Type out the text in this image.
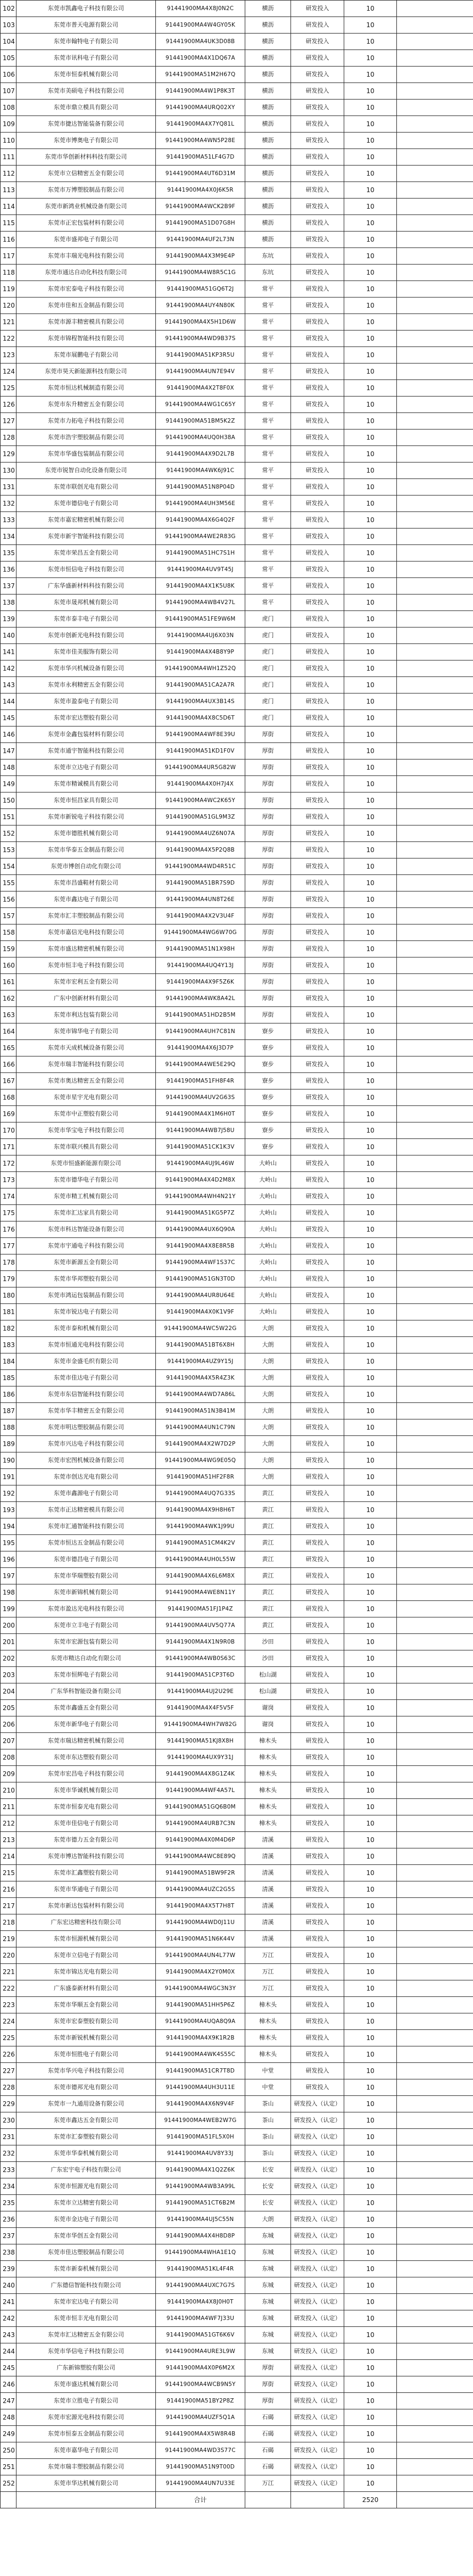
102	东莞市凯鑫电子科技有限公司	91441900MA4X8J0N2C	横沥	研发投入	10	
103	东莞市普天电源有限公司	91441900MA4W4GY05K	横沥	研发投入	10	
104	东莞市翰特电子有限公司	91441900MA4UK3D08B	横沥	研发投入	10	
105	东莞市讯科电子有限公司	91441900MA4X1DQ67A	横沥	研发投入	10	
106	东莞市恒泰机械有限公司	91441900MA51M2H67Q	横沥	研发投入	10	
107	东莞市美硕电子科技有限公司	91441900MA4W1P8K3T	横沥	研发投入	10	
108	东莞市鼎立模具有限公司	91441900MA4URQ02XY	横沥	研发投入	10	
109	东莞市捷达智能装备有限公司	91441900MA4X7YQ81L	横沥	研发投入	10	
110	东莞市博奥电子有限公司	91441900MA4WN5P28E	横沥	研发投入	10	
111	东莞市华创新材料科技有限公司	91441900MA51LF4G7D	横沥	研发投入	10	
112	东莞市立信精密五金有限公司	91441900MA4UT6D31M	横沥	研发投入	10	
113	东莞市万博塑胶制品有限公司	91441900MA4X0J6K5R	横沥	研发投入	10	
114	东莞市新鸿业机械设备有限公司	91441900MA4WCK2B9F	横沥	研发投入	10	
115	东莞市正宏包装材料有限公司	91441900MA51D07G8H	横沥	研发投入	10	
116	东莞市盛邦电子有限公司	91441900MA4UF2L73N	横沥	研发投入	10	
117	东莞市丰瑞光电科技有限公司	91441900MA4X3M9E4P	东坑	研发投入	10	
118	东莞市通达自动化科技有限公司	91441900MA4W8R5C1G	东坑	研发投入	10	
119	东莞市宏泰电子科技有限公司	91441900MA51GQ6T2J	常平	研发投入	10	
120	东莞市佳和五金制品有限公司	91441900MA4UY4N80K	常平	研发投入	10	
121	东莞市源丰精密模具有限公司	91441900MA4X5H1D6W	常平	研发投入	10	
122	东莞市锦程智能科技有限公司	91441900MA4WD9B37S	常平	研发投入	10	
123	东莞市展鹏电子有限公司	91441900MA51KP3R5U	常平	研发投入	10	
124	东莞市昊天新能源科技有限公司	91441900MA4UN7E94V	常平	研发投入	10	
125	东莞市恒达机械制造有限公司	91441900MA4X2T8F0X	常平	研发投入	10	
126	东莞市东升精密五金有限公司	91441900MA4WG1C65Y	常平	研发投入	10	
127	东莞市力拓电子科技有限公司	91441900MA51BM5K2Z	常平	研发投入	10	
128	东莞市浩宇塑胶制品有限公司	91441900MA4UQ0H38A	常平	研发投入	10	
129	东莞市华盛包装制品有限公司	91441900MA4X9D2L7B	常平	研发投入	10	
130	东莞市锐智自动化设备有限公司	91441900MA4WK6J91C	常平	研发投入	10	
131	东莞市联创光电有限公司	91441900MA51N8P04D	常平	研发投入	10	
132	东莞市德信电子有限公司	91441900MA4UH3M56E	常平	研发投入	10	
133	东莞市嘉宏精密机械有限公司	91441900MA4X6G4Q2F	常平	研发投入	10	
134	东莞市新宇智能科技有限公司	91441900MA4WE2R83G	常平	研发投入	10	
135	东莞市荣昌五金有限公司	91441900MA51HC7S1H	常平	研发投入	10	
136	东莞市恒信电子科技有限公司	91441900MA4UV9T45J	常平	研发投入	10	
137	广东华盛新材料科技有限公司	91441900MA4X1K5U8K	常平	研发投入	10	
138	东莞市晟邦机械有限公司	91441900MA4WB4V27L	常平	研发投入	10	
139	东莞市泰丰电子有限公司	91441900MA51FE9W6M	虎门	研发投入	10	
140	东莞市创新光电科技有限公司	91441900MA4UJ6X03N	虎门	研发投入	10	
141	东莞市佳美服饰有限公司	91441900MA4X4B8Y9P	虎门	研发投入	10	
142	东莞市华兴机械设备有限公司	91441900MA4WH1Z52Q	虎门	研发投入	10	
143	东莞市永利精密五金有限公司	91441900MA51CA2A7R	虎门	研发投入	10	
144	东莞市盈泰电子有限公司	91441900MA4UX3B14S	虎门	研发投入	10	
145	东莞市宏达塑胶有限公司	91441900MA4X8C5D6T	虎门	研发投入	10	
146	东莞市金鑫包装材料有限公司	91441900MA4WF8E39U	厚街	研发投入	10	
147	东莞市通宇智能科技有限公司	91441900MA51KD1F0V	厚街	研发投入	10	
148	东莞市立达电子有限公司	91441900MA4UR5G82W	厚街	研发投入	10	
149	东莞市精诚模具有限公司	91441900MA4X0H7J4X	厚街	研发投入	10	
150	东莞市恒昌家具有限公司	91441900MA4WC2K65Y	厚街	研发投入	10	
151	东莞市新锐电子科技有限公司	91441900MA51GL9M3Z	厚街	研发投入	10	
152	东莞市德胜机械有限公司	91441900MA4UZ6N07A	厚街	研发投入	10	
153	东莞市华泰五金制品有限公司	91441900MA4X5P2Q8B	厚街	研发投入	10	
154	东莞市博创自动化有限公司	91441900MA4WD4R51C	厚街	研发投入	10	
155	东莞市昌盛鞋材有限公司	91441900MA51BR7S9D	厚街	研发投入	10	
156	东莞市鑫达电子有限公司	91441900MA4UN8T26E	厚街	研发投入	10	
157	东莞市汇丰塑胶制品有限公司	91441900MA4X2V3U4F	厚街	研发投入	10	
158	东莞市嘉信光电科技有限公司	91441900MA4WG6W70G	厚街	研发投入	10	
159	东莞市盛达精密机械有限公司	91441900MA51N1X98H	厚街	研发投入	10	
160	东莞市恒丰电子科技有限公司	91441900MA4UQ4Y13J	厚街	研发投入	10	
161	东莞市宏利五金有限公司	91441900MA4X9F5Z6K	厚街	研发投入	10	
162	广东中创新材料有限公司	91441900MA4WK8A42L	厚街	研发投入	10	
163	东莞市利达包装有限公司	91441900MA51HD2B5M	厚街	研发投入	10	
164	东莞市锦华电子有限公司	91441900MA4UH7C81N	寮步	研发投入	10	
165	东莞市天成机械设备有限公司	91441900MA4X6J3D7P	寮步	研发投入	10	
166	东莞市瑞丰智能科技有限公司	91441900MA4WE5E29Q	寮步	研发投入	10	
167	东莞市奥达精密五金有限公司	91441900MA51FH8F4R	寮步	研发投入	10	
168	东莞市星宇光电有限公司	91441900MA4UV2G63S	寮步	研发投入	10	
169	东莞市中正塑胶有限公司	91441900MA4X1M6H0T	寮步	研发投入	10	
170	东莞市华宝电子科技有限公司	91441900MA4WB7J58U	寮步	研发投入	10	
171	东莞市联兴模具有限公司	91441900MA51CK1K3V	寮步	研发投入	10	
172	东莞市恒盛新能源有限公司	91441900MA4UJ9L46W	大岭山	研发投入	10	
173	东莞市德华电子有限公司	91441900MA4X4D2M8X	大岭山	研发投入	10	
174	东莞市精工机械有限公司	91441900MA4WH4N21Y	大岭山	研发投入	10	
175	东莞市汇达家具有限公司	91441900MA51KG5P7Z	大岭山	研发投入	10	
176	东莞市科达智能设备有限公司	91441900MA4UX6Q90A	大岭山	研发投入	10	
177	东莞市宇通电子科技有限公司	91441900MA4X8E8R5B	大岭山	研发投入	10	
178	东莞市新源五金有限公司	91441900MA4WF1S37C	大岭山	研发投入	10	
179	东莞市华邦塑胶有限公司	91441900MA51GN3T0D	大岭山	研发投入	10	
180	东莞市鸿运包装制品有限公司	91441900MA4UR8U64E	大岭山	研发投入	10	
181	东莞市锐达电子有限公司	91441900MA4X0K1V9F	大岭山	研发投入	10	
182	东莞市泰和机械有限公司	91441900MA4WC5W22G	大朗	研发投入	10	
183	东莞市恒通光电科技有限公司	91441900MA51BT6X8H	大朗	研发投入	10	
184	东莞市金盛毛织有限公司	91441900MA4UZ9Y15J	大朗	研发投入	10	
185	东莞市佳达电子有限公司	91441900MA4X5R4Z3K	大朗	研发投入	10	
186	东莞市东信智能科技有限公司	91441900MA4WD7A86L	大朗	研发投入	10	
187	东莞市华丰精密五金有限公司	91441900MA51N3B41M	大朗	研发投入	10	
188	东莞市明达塑胶制品有限公司	91441900MA4UN1C79N	大朗	研发投入	10	
189	东莞市兴达电子科技有限公司	91441900MA4X2W7D2P	大朗	研发投入	10	
190	东莞市宏图机械设备有限公司	91441900MA4WG9E05Q	大朗	研发投入	10	
191	东莞市创达光电有限公司	91441900MA51HF2F8R	大朗	研发投入	10	
192	东莞市鑫源电子有限公司	91441900MA4UQ7G33S	黄江	研发投入	10	
193	东莞市正达精密模具有限公司	91441900MA4X9H8H6T	黄江	研发投入	10	
194	东莞市汇通智能科技有限公司	91441900MA4WK1J99U	黄江	研发投入	10	
195	东莞市恒达五金制品有限公司	91441900MA51CM4K2V	黄江	研发投入	10	
196	东莞市德昌电子有限公司	91441900MA4UH0L55W	黄江	研发投入	10	
197	东莞市华瑞塑胶有限公司	91441900MA4X6L6M8X	黄江	研发投入	10	
198	东莞市新锦机械有限公司	91441900MA4WE8N11Y	黄江	研发投入	10	
199	东莞市盈达光电科技有限公司	91441900MA51FJ1P4Z	黄江	研发投入	10	
200	东莞市立丰电子有限公司	91441900MA4UV5Q77A	黄江	研发投入	10	
201	东莞市宏源包装有限公司	91441900MA4X1N9R0B	沙田	研发投入	10	
202	东莞市精达自动化有限公司	91441900MA4WB0S63C	沙田	研发投入	10	
203	东莞市恒辉电子有限公司	91441900MA51CP3T6D	松山湖	研发投入	10	
204	广东华科智能设备有限公司	91441900MA4UJ2U29E	松山湖	研发投入	10	
205	东莞市鑫盛五金有限公司	91441900MA4X4F5V5F	谢岗	研发投入	10	
206	东莞市新华电子有限公司	91441900MA4WH7W82G	谢岗	研发投入	10	
207	东莞市瑞达精密机械有限公司	91441900MA51KJ8X8H	樟木头	研发投入	10	
208	东莞市东达塑胶有限公司	91441900MA4UX9Y31J	樟木头	研发投入	10	
209	东莞市宏昌电子科技有限公司	91441900MA4X8G1Z4K	樟木头	研发投入	10	
210	东莞市华诚机械有限公司	91441900MA4WF4A57L	樟木头	研发投入	10	
211	东莞市恒泰光电有限公司	91441900MA51GQ6B0M	樟木头	研发投入	10	
212	东莞市佳信电子有限公司	91441900MA4URB7C3N	樟木头	研发投入	10	
213	东莞市德力五金有限公司	91441900MA4X0M4D6P	清溪	研发投入	10	
214	东莞市博达智能科技有限公司	91441900MA4WC8E89Q	清溪	研发投入	10	
215	东莞市汇鑫塑胶有限公司	91441900MA51BW9F2R	清溪	研发投入	10	
216	东莞市华通电子有限公司	91441900MA4UZC2G5S	清溪	研发投入	10	
217	东莞市新达包装材料有限公司	91441900MA4X5T7H8T	清溪	研发投入	10	
218	广东宏达精密科技有限公司	91441900MA4WD0J11U	清溪	研发投入	10	
219	东莞市恒源机械有限公司	91441900MA51N6K44V	清溪	研发投入	10	
220	东莞市立信电子有限公司	91441900MA4UN4L77W	万江	研发投入	10	
221	东莞市锦达光电有限公司	91441900MA4X2Y0M0X	万江	研发投入	10	
222	广东盛泰新材料有限公司	91441900MA4WGC3N3Y	万江	研发投入	10	
223	东莞市华顺五金有限公司	91441900MA51HH5P6Z	樟木头	研发投入	10	
224	东莞市宏泰塑胶有限公司	91441900MA4UQA8Q9A	樟木头	研发投入	10	
225	东莞市新锐机械有限公司	91441900MA4X9K1R2B	樟木头	研发投入	10	
226	东莞市恒胜电子有限公司	91441900MA4WK4S55C	樟木头	研发投入	10	
227	东莞市华兴电子科技有限公司	91441900MA51CR7T8D	中堂	研发投入	10	
228	东莞市德邦光电有限公司	91441900MA4UH3U11E	中堂	研发投入	10	
229	东莞市一九通用设备有限公司	91441900MA4X6N9V4F	茶山	研发投入（认定）	10	
230	东莞市鑫达五金有限公司	91441900MA4WEB2W7G	茶山	研发投入（认定）	10	
231	东莞市汇泰塑胶有限公司	91441900MA51FL5X0H	茶山	研发投入（认定）	10	
232	东莞市华泰机械有限公司	91441900MA4UV8Y33J	茶山	研发投入（认定）	10	
233	广东宏宇电子科技有限公司	91441900MA4X1Q2Z6K	长安	研发投入（认定）	10	
234	东莞市恒源光电有限公司	91441900MA4WB3A99L	长安	研发投入（认定）	10	
235	东莞市立达精密有限公司	91441900MA51CT6B2M	长安	研发投入（认定）	10	
236	东莞市金达电子有限公司	91441900MA4UJ5C55N	大朗	研发投入（认定）	10	
237	东莞市华创五金有限公司	91441900MA4X4H8D8P	东城	研发投入（认定）	10	
238	东莞市佳达塑胶制品有限公司	91441900MA4WHA1E1Q	东城	研发投入（认定）	10	
239	东莞市新泰机械有限公司	91441900MA51KL4F4R	东城	研发投入（认定）	10	
240	广东德信智能科技有限公司	91441900MA4UXC7G7S	东城	研发投入（认定）	10	
241	东莞市宏达电子有限公司	91441900MA4X8J0H0T	东城	研发投入（认定）	10	
242	东莞市恒丰光电有限公司	91441900MA4WF7J33U	东城	研发投入（认定）	10	
243	东莞市汇达精密五金有限公司	91441900MA51GT6K6V	东城	研发投入（认定）	10	
244	东莞市华信电子科技有限公司	91441900MA4URE3L9W	东城	研发投入（认定）	10	
245	广东新锦塑胶有限公司	91441900MA4X0P6M2X	厚街	研发投入（认定）	10	
246	东莞市盛达机械有限公司	91441900MA4WCB9N5Y	厚街	研发投入（认定）	10	
247	东莞市立胜电子有限公司	91441900MA51BY2P8Z	厚街	研发投入（认定）	10	
248	东莞市宏源光电科技有限公司	91441900MA4UZF5Q1A	石碣	研发投入（认定）	10	
249	东莞市恒泰五金制品有限公司	91441900MA4X5W8R4B	石碣	研发投入（认定）	10	
250	东莞市嘉华电子有限公司	91441900MA4WD3S77C	石碣	研发投入（认定）	10	
251	东莞市瑞丰塑胶制品有限公司	91441900MA51N9T00D	石碣	研发投入（认定）	10	
252	东莞市华达机械有限公司	91441900MA4UN7U33E	万江	研发投入（认定）	10	
		合计			2520	
